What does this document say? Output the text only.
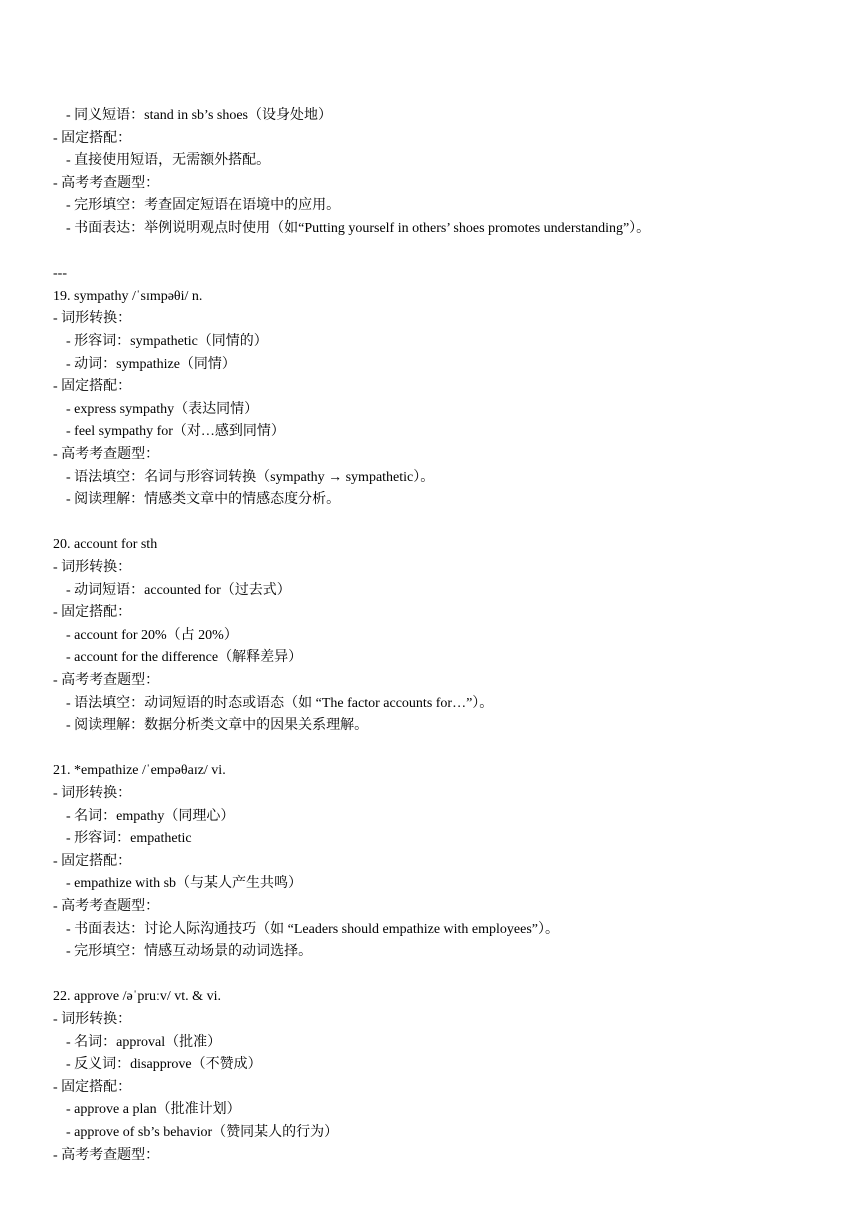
- 同义短语：stand in sb’s shoes（设身处地）
- 固定搭配：
- 直接使用短语，无需额外搭配。
- 高考考查题型：
- 完形填空：考查固定短语在语境中的应用。
- 书面表达：举例说明观点时使用（如“Putting yourself in others’ shoes promotes understanding”）。
---
19. sympathy /ˈsɪmpəθi/ n.
- 词形转换：
- 形容词：sympathetic（同情的）
- 动词：sympathize（同情）
- 固定搭配：
- express sympathy（表达同情）
- feel sympathy for（对…感到同情）
- 高考考查题型：
- 语法填空：名词与形容词转换（sympathy → sympathetic）。
- 阅读理解：情感类文章中的情感态度分析。
20. account for sth
- 词形转换：
- 动词短语：accounted for（过去式）
- 固定搭配：
- account for 20%（占 20%）
- account for the difference（解释差异）
- 高考考查题型：
- 语法填空：动词短语的时态或语态（如 “The factor accounts for…”）。
- 阅读理解：数据分析类文章中的因果关系理解。
21. *empathize /ˈempəθaɪz/ vi.
- 词形转换：
- 名词：empathy（同理心）
- 形容词：empathetic
- 固定搭配：
- empathize with sb（与某人产生共鸣）
- 高考考查题型：
- 书面表达：讨论人际沟通技巧（如 “Leaders should empathize with employees”）。
- 完形填空：情感互动场景的动词选择。
22. approve /əˈpruːv/ vt. & vi.
- 词形转换：
- 名词：approval（批准）
- 反义词：disapprove（不赞成）
- 固定搭配：
- approve a plan（批准计划）
- approve of sb’s behavior（赞同某人的行为）
- 高考考查题型：
